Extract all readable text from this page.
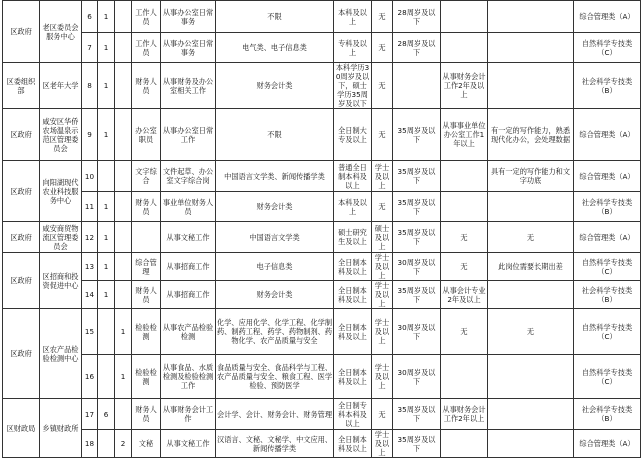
区政府	老区委员会服务中心	6	1		工作人员	从事办公室日常事务	不限	本科及以上	无	28周岁及以下			综合管理类（A）
		7	1		工作人员	从事办公室日常事务	电气类、电子信息类	专科及以上	无	28周岁及以下			自然科学专技类（C）
区委组织部	区老年大学	8	1		财务人员	从事财务及办公室相关工作	财务会计类	本科学历30周岁及以下，硕士学历35周岁及以下	无		从事财务会计工作2年及以上		社会科学专技类（B）
区政府	咸安区华侨农场温泉示范区管理委员会	9	1		办公室职员	从事办公室日常工作	不限	全日制大专及以上	无	35周岁及以下	从事事业单位办公室工作1年以上	有一定的写作能力，熟悉现代化办公，会处理数据	综合管理类（A）
区政府	向阳湖现代农业科技服务中心	10			文字综合	文件起草、办公室文字综合岗	中国语言文学类、新闻传播学类	普通全日制本科及以上	学士及以上	35周岁及以下		具有一定的写作能力和文字功底	综合管理类（A）
		11	1		财务人员	事业单位财务人员	财务会计类	本科及以上	无	35周岁及以下			社会科学专技类（B）
区政府	咸安商贸物流区管理委员会	12	1			从事文秘工作	中国语言文学类	硕士研究生及以上	硕士及以上	35周岁及以下	无	无	综合管理类（A）
区政府	区招商和投资促进中心	13	1		综合管理	从事招商工作	电子信息类	全日制本科及以上	学士及以上	30周岁及以下	无	此岗位需要长期出差	自然科学专技类（C）
		14	1		财务人员	从事招商工作	财务会计类	全日制本科及以上	学士及以上	35周岁及以下	从事会计专业2年及以上		社会科学专技类（B）
区政府	区农产品检验检测中心	15		1	检验检测	从事农产品检验检测	化学、应用化学、化学工程、化学制药、制药工程、药学、药物制剂、药物化学、农产品质量与安全	全日制本科及以上	学士及以上	30周岁及以下	无	无	自然科学专技类（C）
		16		1	检验检测	从事食品、水质检测及检验检测工作	食品质量与安全、食品科学与工程、农产品质量与安全、粮食工程、医学检验、预防医学	全日制本科及以上	学士及以上	30周岁及以下			自然科学专技类（C）
区财政局	乡镇财政所	17	6		财务人员	从事财务会计工作	会计学、会计、财务会计、财务管理	全日制专科本科及以上	无	35周岁及以下	从事财务会计工作2年以上		社会科学专技类（B）
		18		2	文秘	从事文秘工作	汉语言、文秘、文秘学、中文应用、新闻传播学类	全日制本科及以上	学士及以上	35周岁及以下			综合管理类（A）
